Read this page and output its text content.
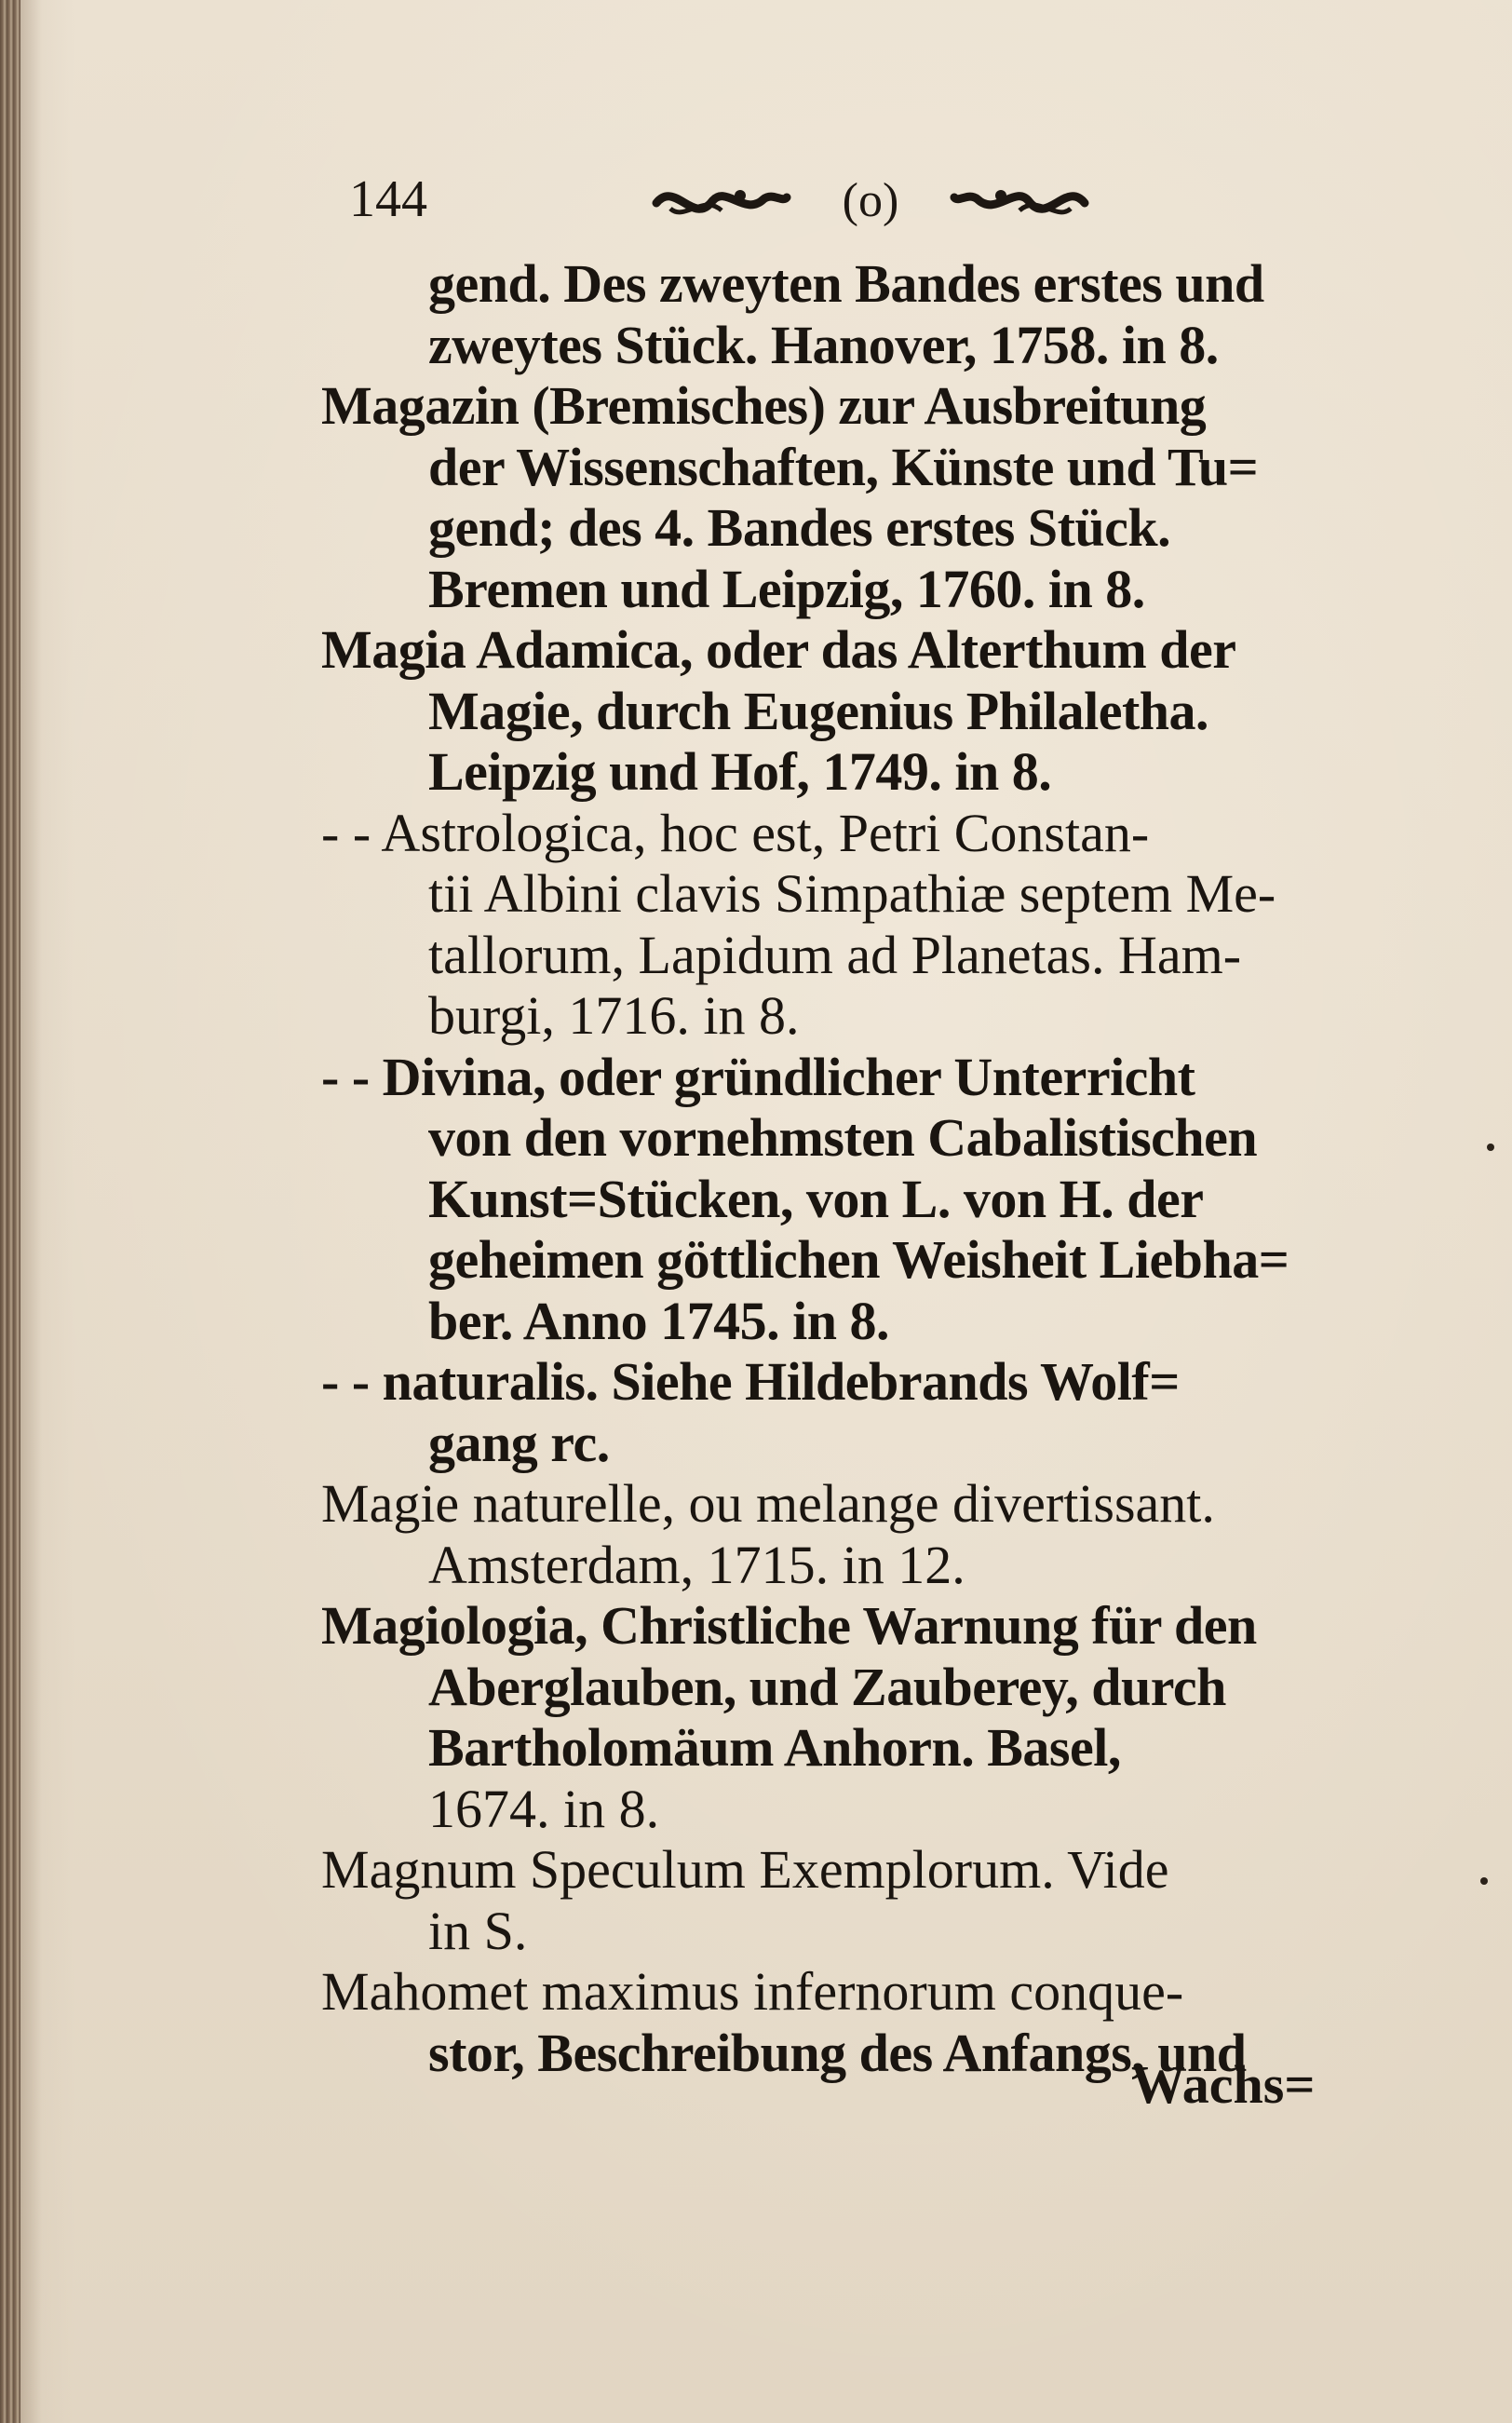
144	(o)
gend. Des zweyten Bandes erstes und
zweytes Stück. Hanover, 1758. in 8.
Magazin (Bremisches) zur Ausbreitung
der Wissenschaften, Künste und Tu=
gend; des 4. Bandes erstes Stück.
Bremen und Leipzig, 1760. in 8.
Magia Adamica, oder das Alterthum der
Magie, durch Eugenius Philaletha.
Leipzig und Hof, 1749. in 8.
- - Astrologica, hoc est, Petri Constan-
tii Albini clavis Simpathiæ septem Me-
tallorum, Lapidum ad Planetas. Ham-
burgi, 1716. in 8.
- - Divina, oder gründlicher Unterricht
von den vornehmsten Cabalistischen
Kunst=Stücken, von L. von H. der
geheimen göttlichen Weisheit Liebha=
ber. Anno 1745. in 8.
- - naturalis. Siehe Hildebrands Wolf=
gang rc.
Magie naturelle, ou melange divertissant.
Amsterdam, 1715. in 12.
Magiologia, Christliche Warnung für den
Aberglauben, und Zauberey, durch
Bartholomäum Anhorn. Basel,
1674. in 8.
Magnum Speculum Exemplorum. Vide
in S.
Mahomet maximus infernorum conque-
stor, Beschreibung des Anfangs, und
Wachs=
